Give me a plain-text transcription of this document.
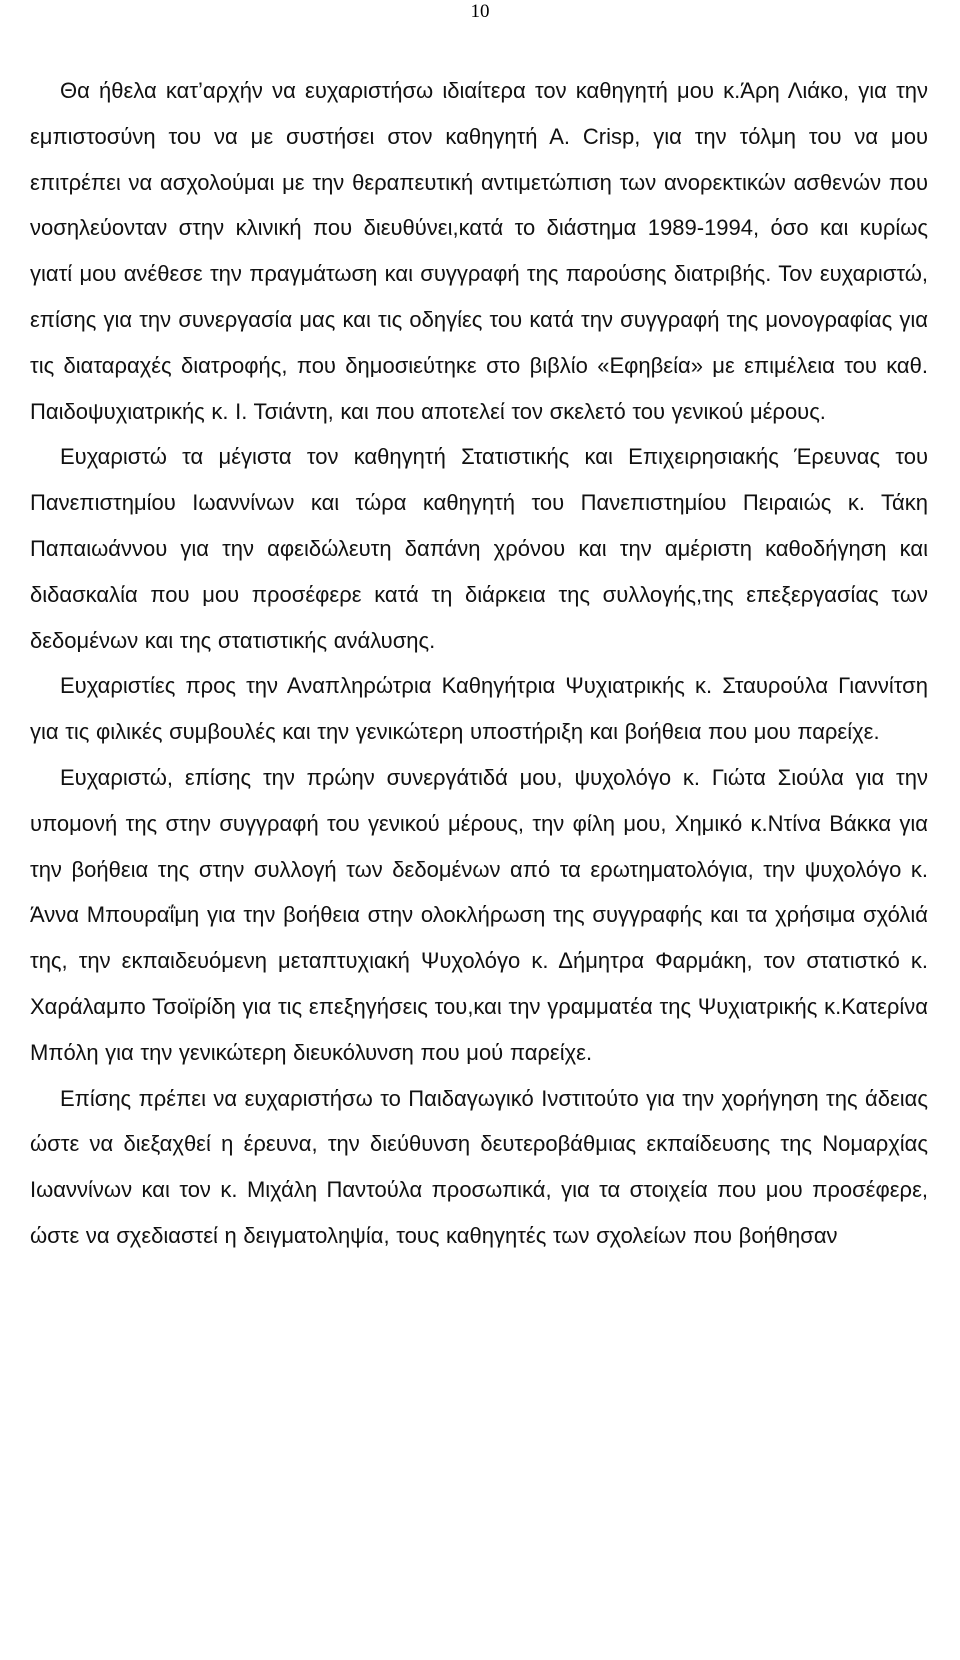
10

Θα ήθελα κατ’αρχήν να ευχαριστήσω ιδιαίτερα τον καθηγητή μου κ.Άρη Λιάκο, για την εμπιστοσύνη του να με συστήσει στον καθηγητή Α. Crisp, για την τόλμη του να μου επιτρέπει να ασχολούμαι με την θεραπευτική αντιμετώπιση των ανορεκτικών ασθενών που νοσηλεύονταν στην κλινική που διευθύνει,κατά το διάστημα 1989-1994, όσο και κυρίως γιατί μου ανέθεσε την πραγμάτωση και συγγραφή της παρούσης διατριβής. Τον ευχαριστώ, επίσης για την συνεργασία μας και τις οδηγίες του κατά την συγγραφή της μονογραφίας για τις διαταραχές διατροφής, που δημοσιεύτηκε στο βιβλίο «Εφηβεία» με επιμέλεια του καθ. Παιδοψυχιατρικής κ. Ι. Τσιάντη, και που αποτελεί τον σκελετό του γενικού μέρους.

Ευχαριστώ τα μέγιστα τον καθηγητή Στατιστικής και Επιχειρησιακής Έρευνας του Πανεπιστημίου Ιωαννίνων και τώρα καθηγητή του Πανεπιστημίου Πειραιώς κ. Τάκη Παπαιωάννου για την αφειδώλευτη δαπάνη χρόνου και την αμέριστη καθοδήγηση και διδασκαλία που μου προσέφερε κατά τη διάρκεια της συλλογής,της επεξεργασίας των δεδομένων και της στατιστικής ανάλυσης.

Ευχαριστίες προς την Αναπληρώτρια Καθηγήτρια Ψυχιατρικής κ. Σταυρούλα Γιαννίτση για τις φιλικές συμβουλές και την γενικώτερη υποστήριξη και βοήθεια που μου παρείχε.

Ευχαριστώ, επίσης την πρώην συνεργάτιδά μου, ψυχολόγο κ. Γιώτα Σιούλα για την υπομονή της στην συγγραφή του γενικού μέρους, την φίλη μου, Χημικό κ.Ντίνα Βάκκα για την βοήθεια της στην συλλογή των δεδομένων από τα ερωτηματολόγια, την ψυχολόγο κ. Άννα Μπουραΐμη για την βοήθεια στην ολοκλήρωση της συγγραφής και τα χρήσιμα σχόλιά της, την εκπαιδευόμενη μεταπτυχιακή Ψυχολόγο κ. Δήμητρα Φαρμάκη, τον στατιστκό κ. Χαράλαμπο Τσοϊρίδη για τις επεξηγήσεις του,και την γραμματέα της Ψυχιατρικής κ.Κατερίνα Μπόλη για την γενικώτερη διευκόλυνση που μού παρείχε.

Επίσης πρέπει να ευχαριστήσω το Παιδαγωγικό Ινστιτούτο για την χορήγηση της άδειας ώστε να διεξαχθεί η έρευνα, την διεύθυνση δευτεροβάθμιας εκπαίδευσης της Νομαρχίας Ιωαννίνων και τον κ. Μιχάλη Παντούλα προσωπικά, για τα στοιχεία που μου προσέφερε, ώστε να σχεδιαστεί η δειγματοληψία, τους καθηγητές των σχολείων που βοήθησαν
